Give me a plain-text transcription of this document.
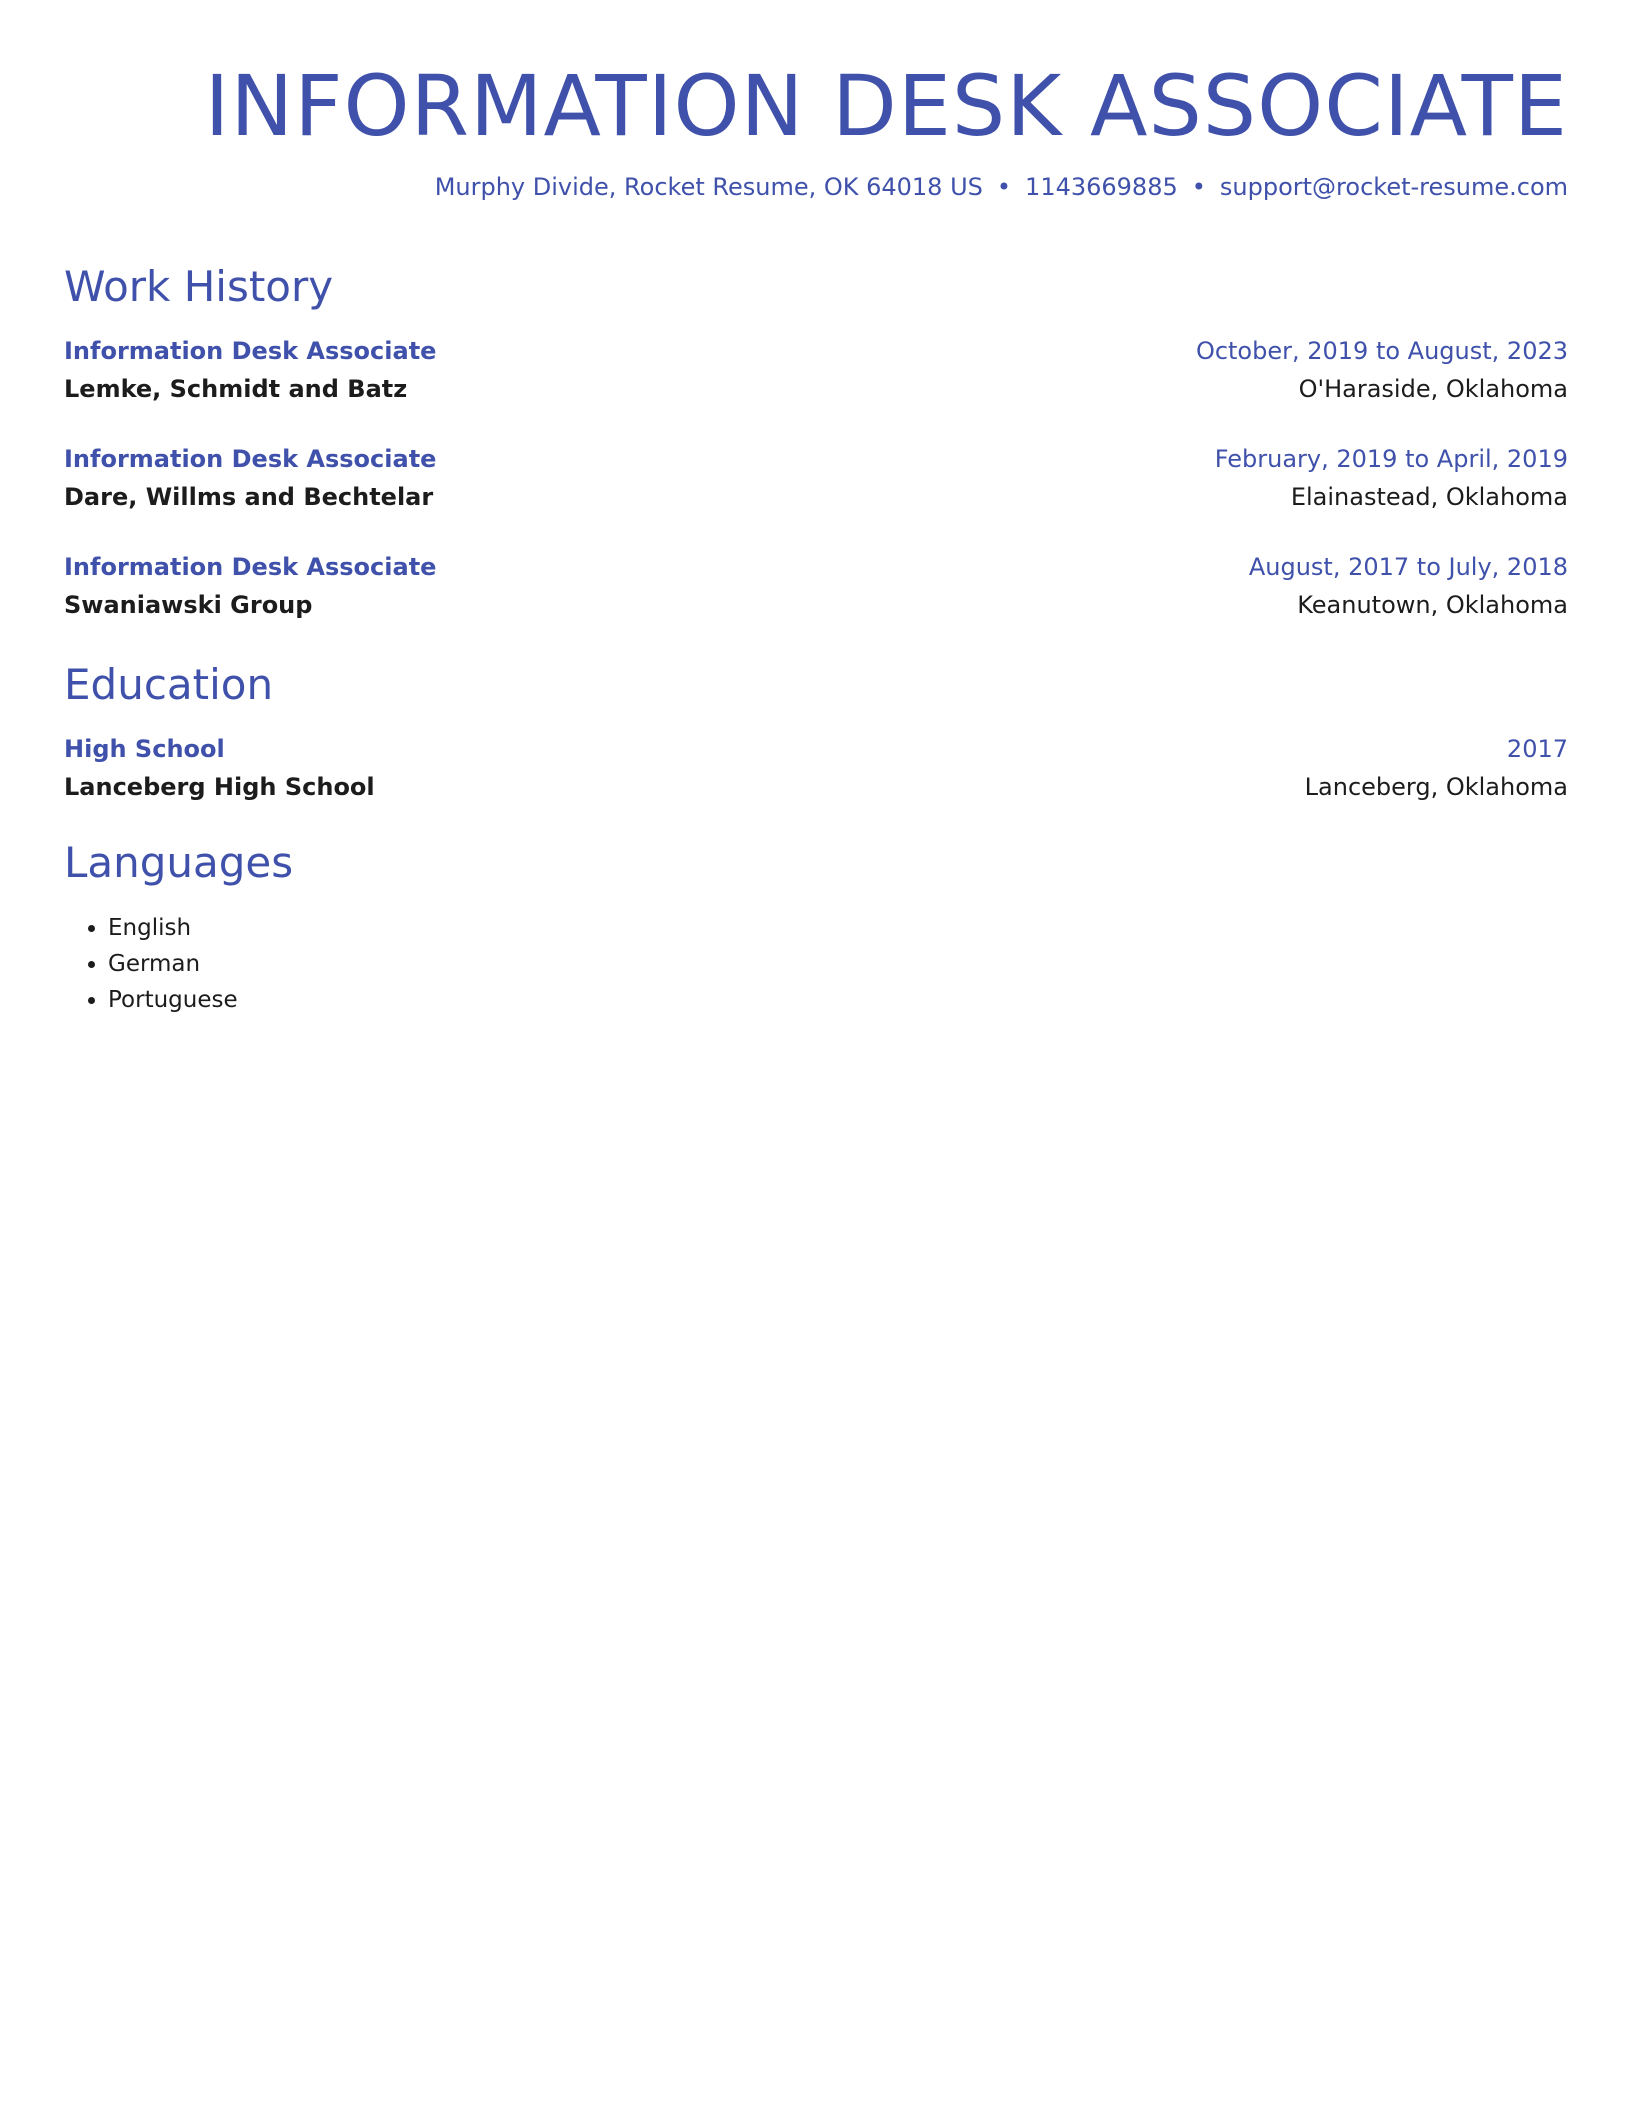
INFORMATION DESK ASSOCIATE
Murphy Divide, Rocket Resume, OK 64018 US • 1143669885 • support@rocket-resume.com
Work History
Information Desk Associate	October, 2019 to August, 2023
Lemke, Schmidt and Batz	O'Haraside, Oklahoma
Information Desk Associate	February, 2019 to April, 2019
Dare, Willms and Bechtelar	Elainastead, Oklahoma
Information Desk Associate	August, 2017 to July, 2018
Swaniawski Group	Keanutown, Oklahoma
Education
High School	2017
Lanceberg High School	Lanceberg, Oklahoma
Languages
• English
• German
• Portuguese
